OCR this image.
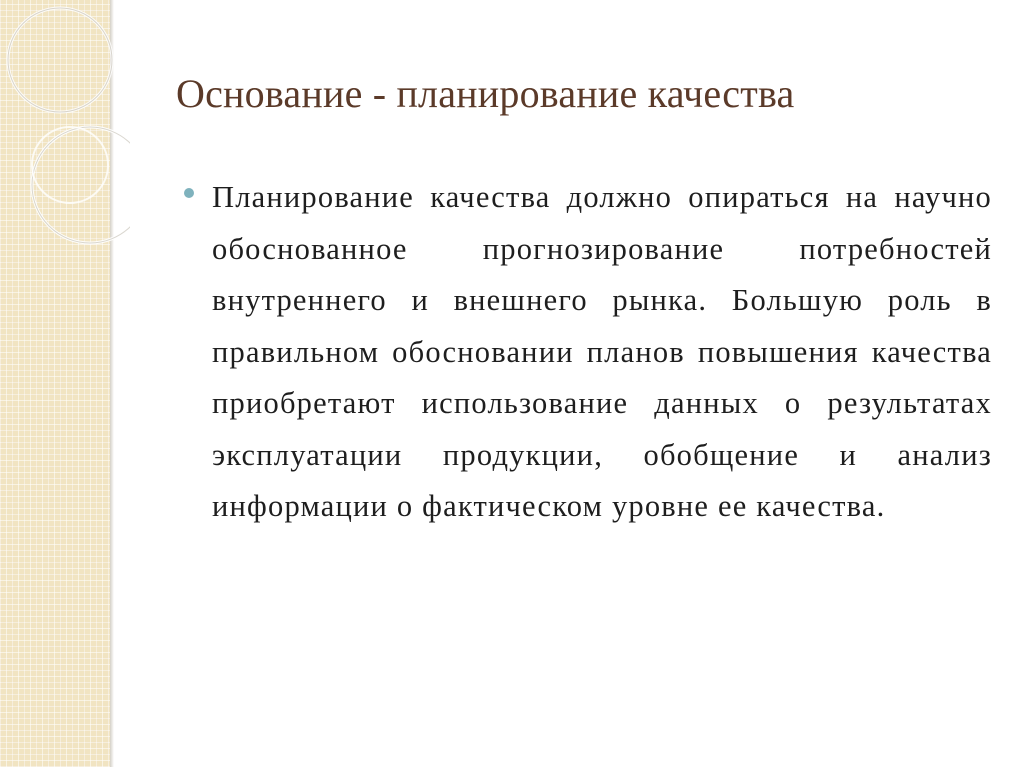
Основание - планирование качества

Планирование качества должно опираться на научно обоснованное прогнозирование потребностей внутреннего и внешнего рынка. Большую роль в правильном обосновании планов повышения качества приобретают использование данных о результатах эксплуатации продукции, обобщение и анализ информации о фактическом уровне ее качества.
